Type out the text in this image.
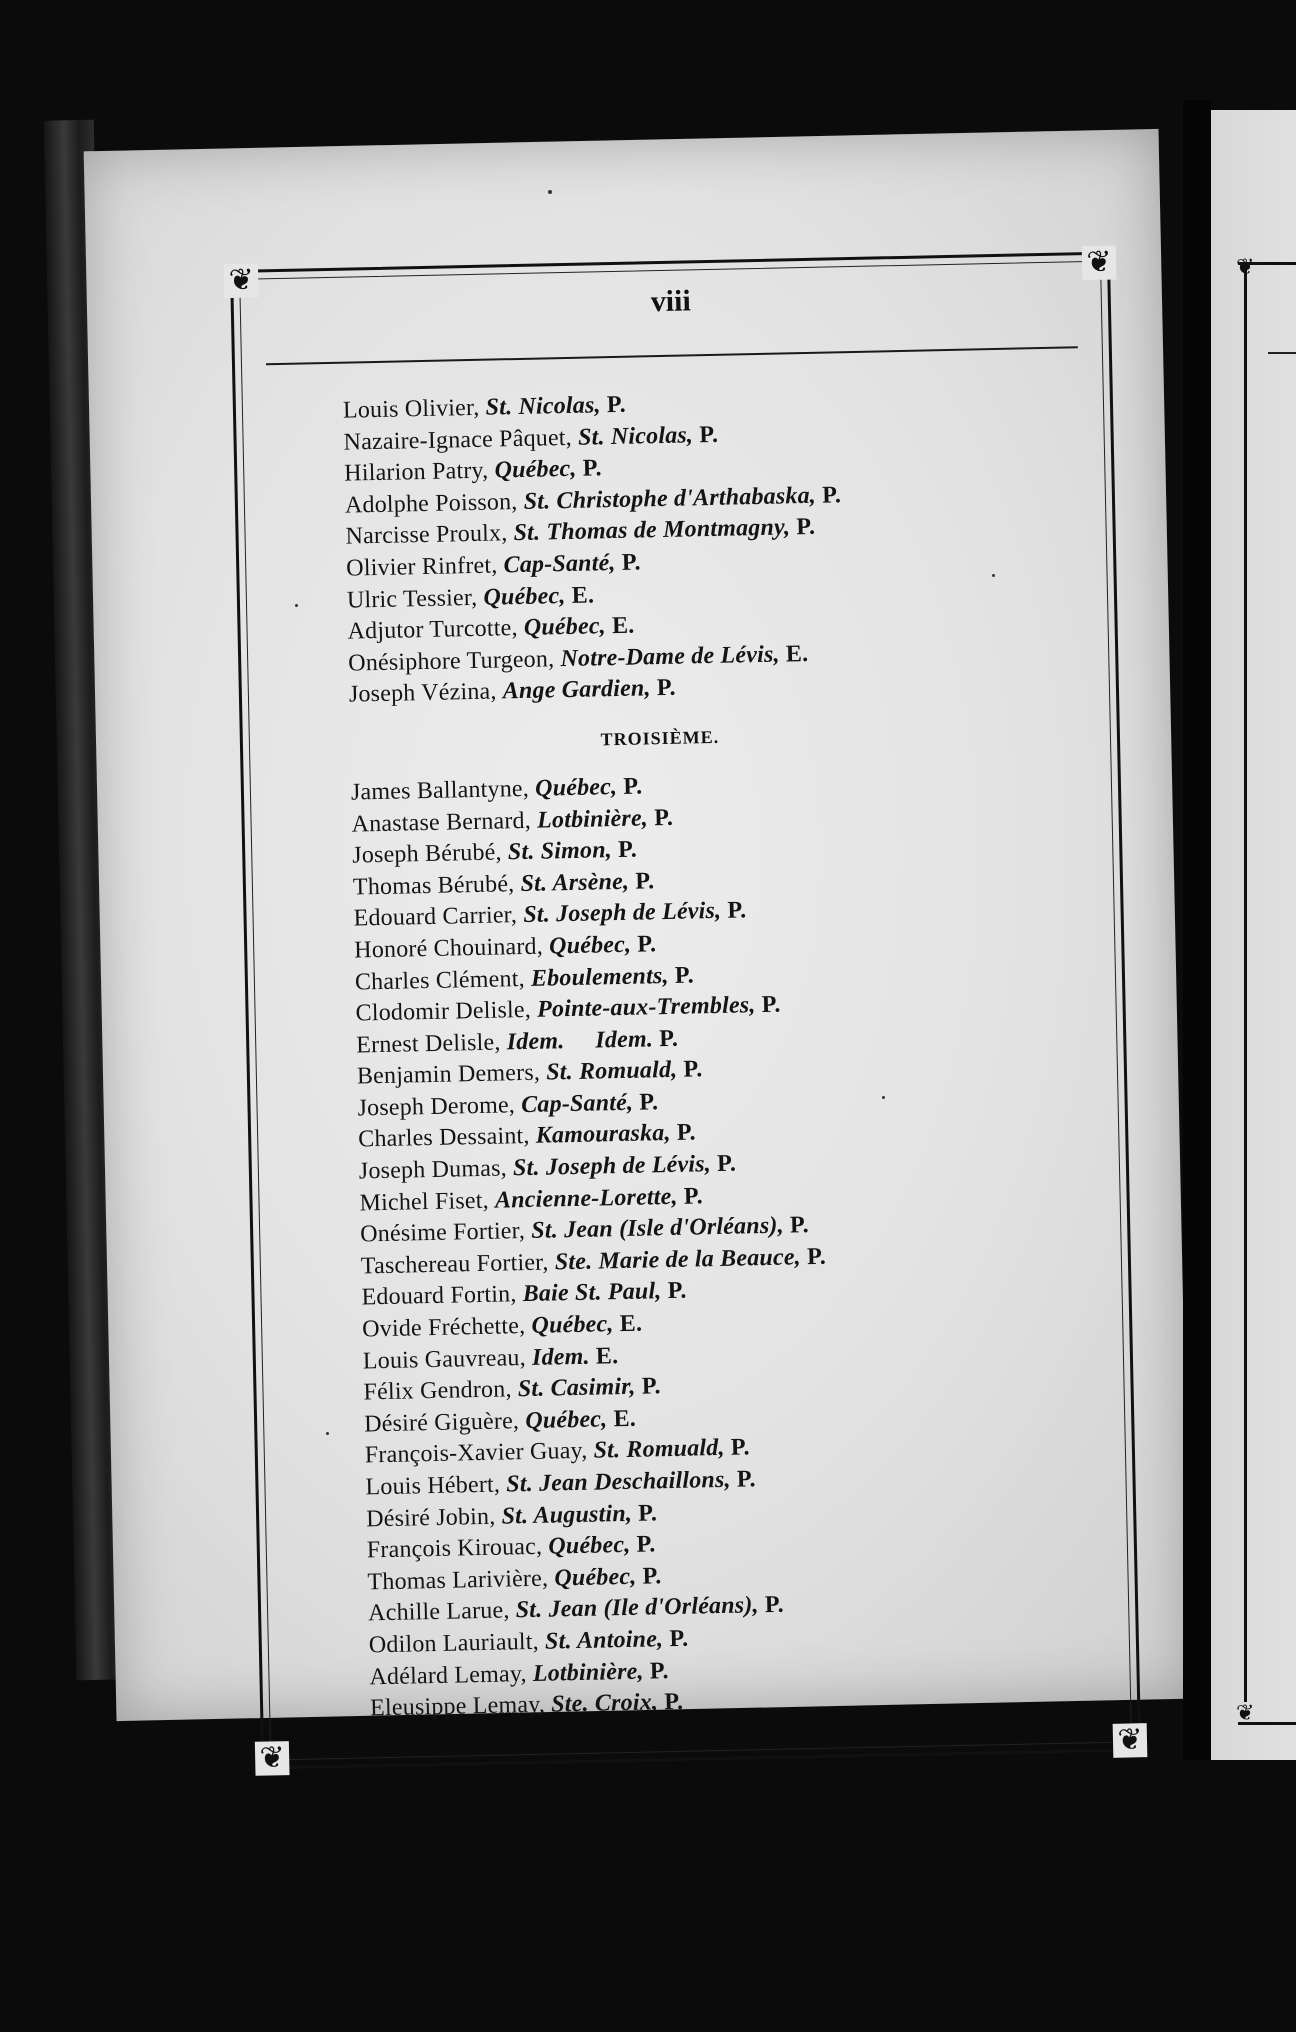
❦
❦
❦
❦
❦
❦
viii
Louis Olivier, St. Nicolas, P.
Nazaire-Ignace Pâquet, St. Nicolas, P.
Hilarion Patry, Québec, P.
Adolphe Poisson, St. Christophe d'Arthabaska, P.
Narcisse Proulx, St. Thomas de Montmagny, P.
Olivier Rinfret, Cap-Santé, P.
Ulric Tessier, Québec, E.
Adjutor Turcotte, Québec, E.
Onésiphore Turgeon, Notre-Dame de Lévis, E.
Joseph Vézina, Ange Gardien, P.
TROISIÈME.
James Ballantyne, Québec, P.
Anastase Bernard, Lotbinière, P.
Joseph Bérubé, St. Simon, P.
Thomas Bérubé, St. Arsène, P.
Edouard Carrier, St. Joseph de Lévis, P.
Honoré Chouinard, Québec, P.
Charles Clément, Eboulements, P.
Clodomir Delisle, Pointe-aux-Trembles, P.
Ernest Delisle, Idem.     Idem. P.
Benjamin Demers, St. Romuald, P.
Joseph Derome, Cap-Santé, P.
Charles Dessaint, Kamouraska, P.
Joseph Dumas, St. Joseph de Lévis, P.
Michel Fiset, Ancienne-Lorette, P.
Onésime Fortier, St. Jean (Isle d'Orléans), P.
Taschereau Fortier, Ste. Marie de la Beauce, P.
Edouard Fortin, Baie St. Paul, P.
Ovide Fréchette, Québec, E.
Louis Gauvreau, Idem. E.
Félix Gendron, St. Casimir, P.
Désiré Giguère, Québec, E.
François-Xavier Guay, St. Romuald, P.
Louis Hébert, St. Jean Deschaillons, P.
Désiré Jobin, St. Augustin, P.
François Kirouac, Québec, P.
Thomas Larivière, Québec, P.
Achille Larue, St. Jean (Ile d'Orléans), P.
Odilon Lauriault, St. Antoine, P.
Adélard Lemay, Lotbinière, P.
Eleusippe Lemay, Ste. Croix, P.
